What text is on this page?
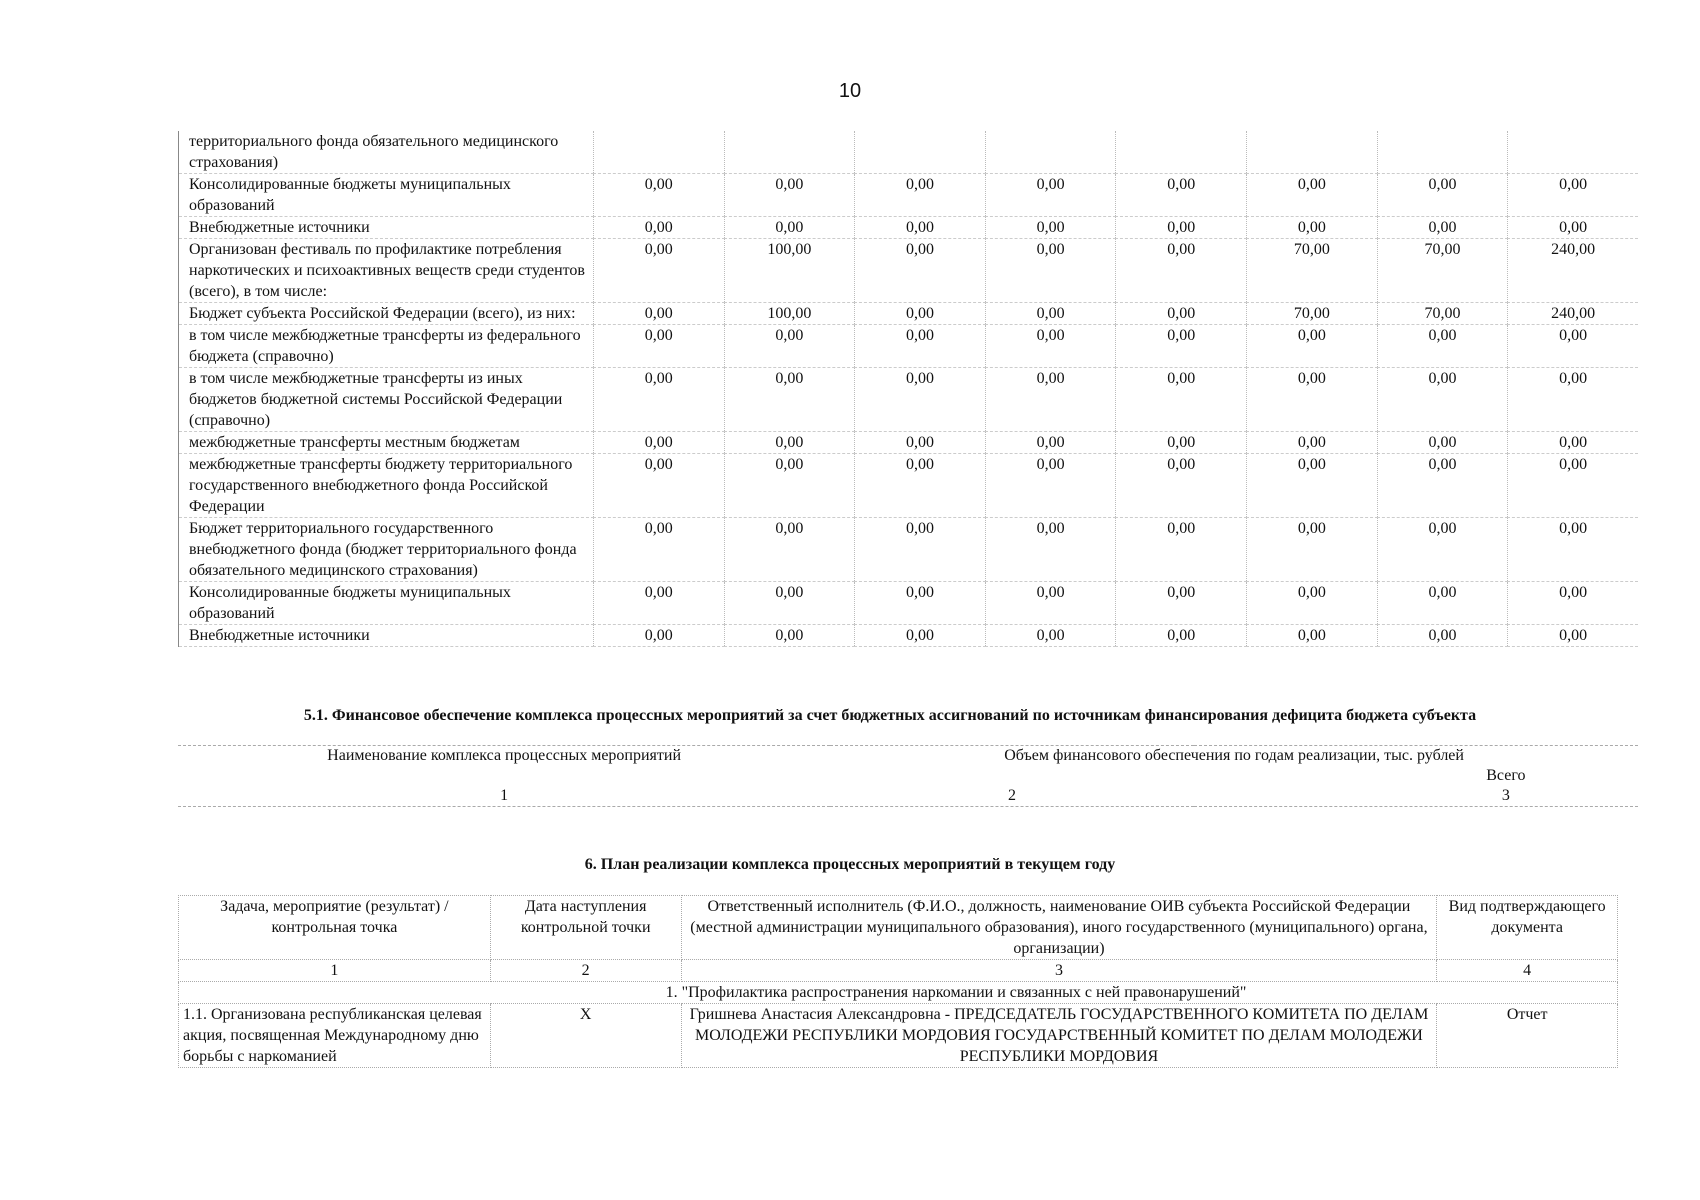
10
территориального фонда обязательного медицинского страхования)								
Консолидированные бюджеты муниципальных образований	0,00	0,00	0,00	0,00	0,00	0,00	0,00	0,00
Внебюджетные источники	0,00	0,00	0,00	0,00	0,00	0,00	0,00	0,00
Организован фестиваль по профилактике потребления наркотических и психоактивных веществ среди студентов (всего), в том числе:	0,00	100,00	0,00	0,00	0,00	70,00	70,00	240,00
Бюджет субъекта Российской Федерации (всего), из них:	0,00	100,00	0,00	0,00	0,00	70,00	70,00	240,00
в том числе межбюджетные трансферты из федерального бюджета (справочно)	0,00	0,00	0,00	0,00	0,00	0,00	0,00	0,00
в том числе межбюджетные трансферты из иных бюджетов бюджетной системы Российской Федерации (справочно)	0,00	0,00	0,00	0,00	0,00	0,00	0,00	0,00
межбюджетные трансферты местным бюджетам	0,00	0,00	0,00	0,00	0,00	0,00	0,00	0,00
межбюджетные трансферты бюджету территориального государственного внебюджетного фонда Российской Федерации	0,00	0,00	0,00	0,00	0,00	0,00	0,00	0,00
Бюджет территориального государственного внебюджетного фонда (бюджет территориального фонда обязательного медицинского страхования)	0,00	0,00	0,00	0,00	0,00	0,00	0,00	0,00
Консолидированные бюджеты муниципальных образований	0,00	0,00	0,00	0,00	0,00	0,00	0,00	0,00
Внебюджетные источники	0,00	0,00	0,00	0,00	0,00	0,00	0,00	0,00
5.1. Финансовое обеспечение комплекса процессных мероприятий за счет бюджетных ассигнований по источникам финансирования дефицита бюджета субъекта
Наименование комплекса процессных мероприятий	Объем финансового обеспечения по годам реализации, тыс. рублей	
		Всего
1	2	3
6. План реализации комплекса процессных мероприятий в текущем году
Задача, мероприятие (результат) / контрольная точка	Дата наступления контрольной точки	Ответственный исполнитель (Ф.И.О., должность, наименование ОИВ субъекта Российской Федерации (местной администрации муниципального образования), иного государственного (муниципального) органа, организации)	Вид подтверждающего документа
1	2	3	4
1. "Профилактика распространения наркомании и связанных с ней правонарушений"			
1.1. Организована республиканская целевая акция, посвященная Международному дню борьбы с наркоманией	X	Гришнева Анастасия Александровна - ПРЕДСЕДАТЕЛЬ ГОСУДАРСТВЕННОГО КОМИТЕТА ПО ДЕЛАМ МОЛОДЕЖИ РЕСПУБЛИКИ МОРДОВИЯ ГОСУДАРСТВЕННЫЙ КОМИТЕТ ПО ДЕЛАМ МОЛОДЕЖИ РЕСПУБЛИКИ МОРДОВИЯ	Отчет
